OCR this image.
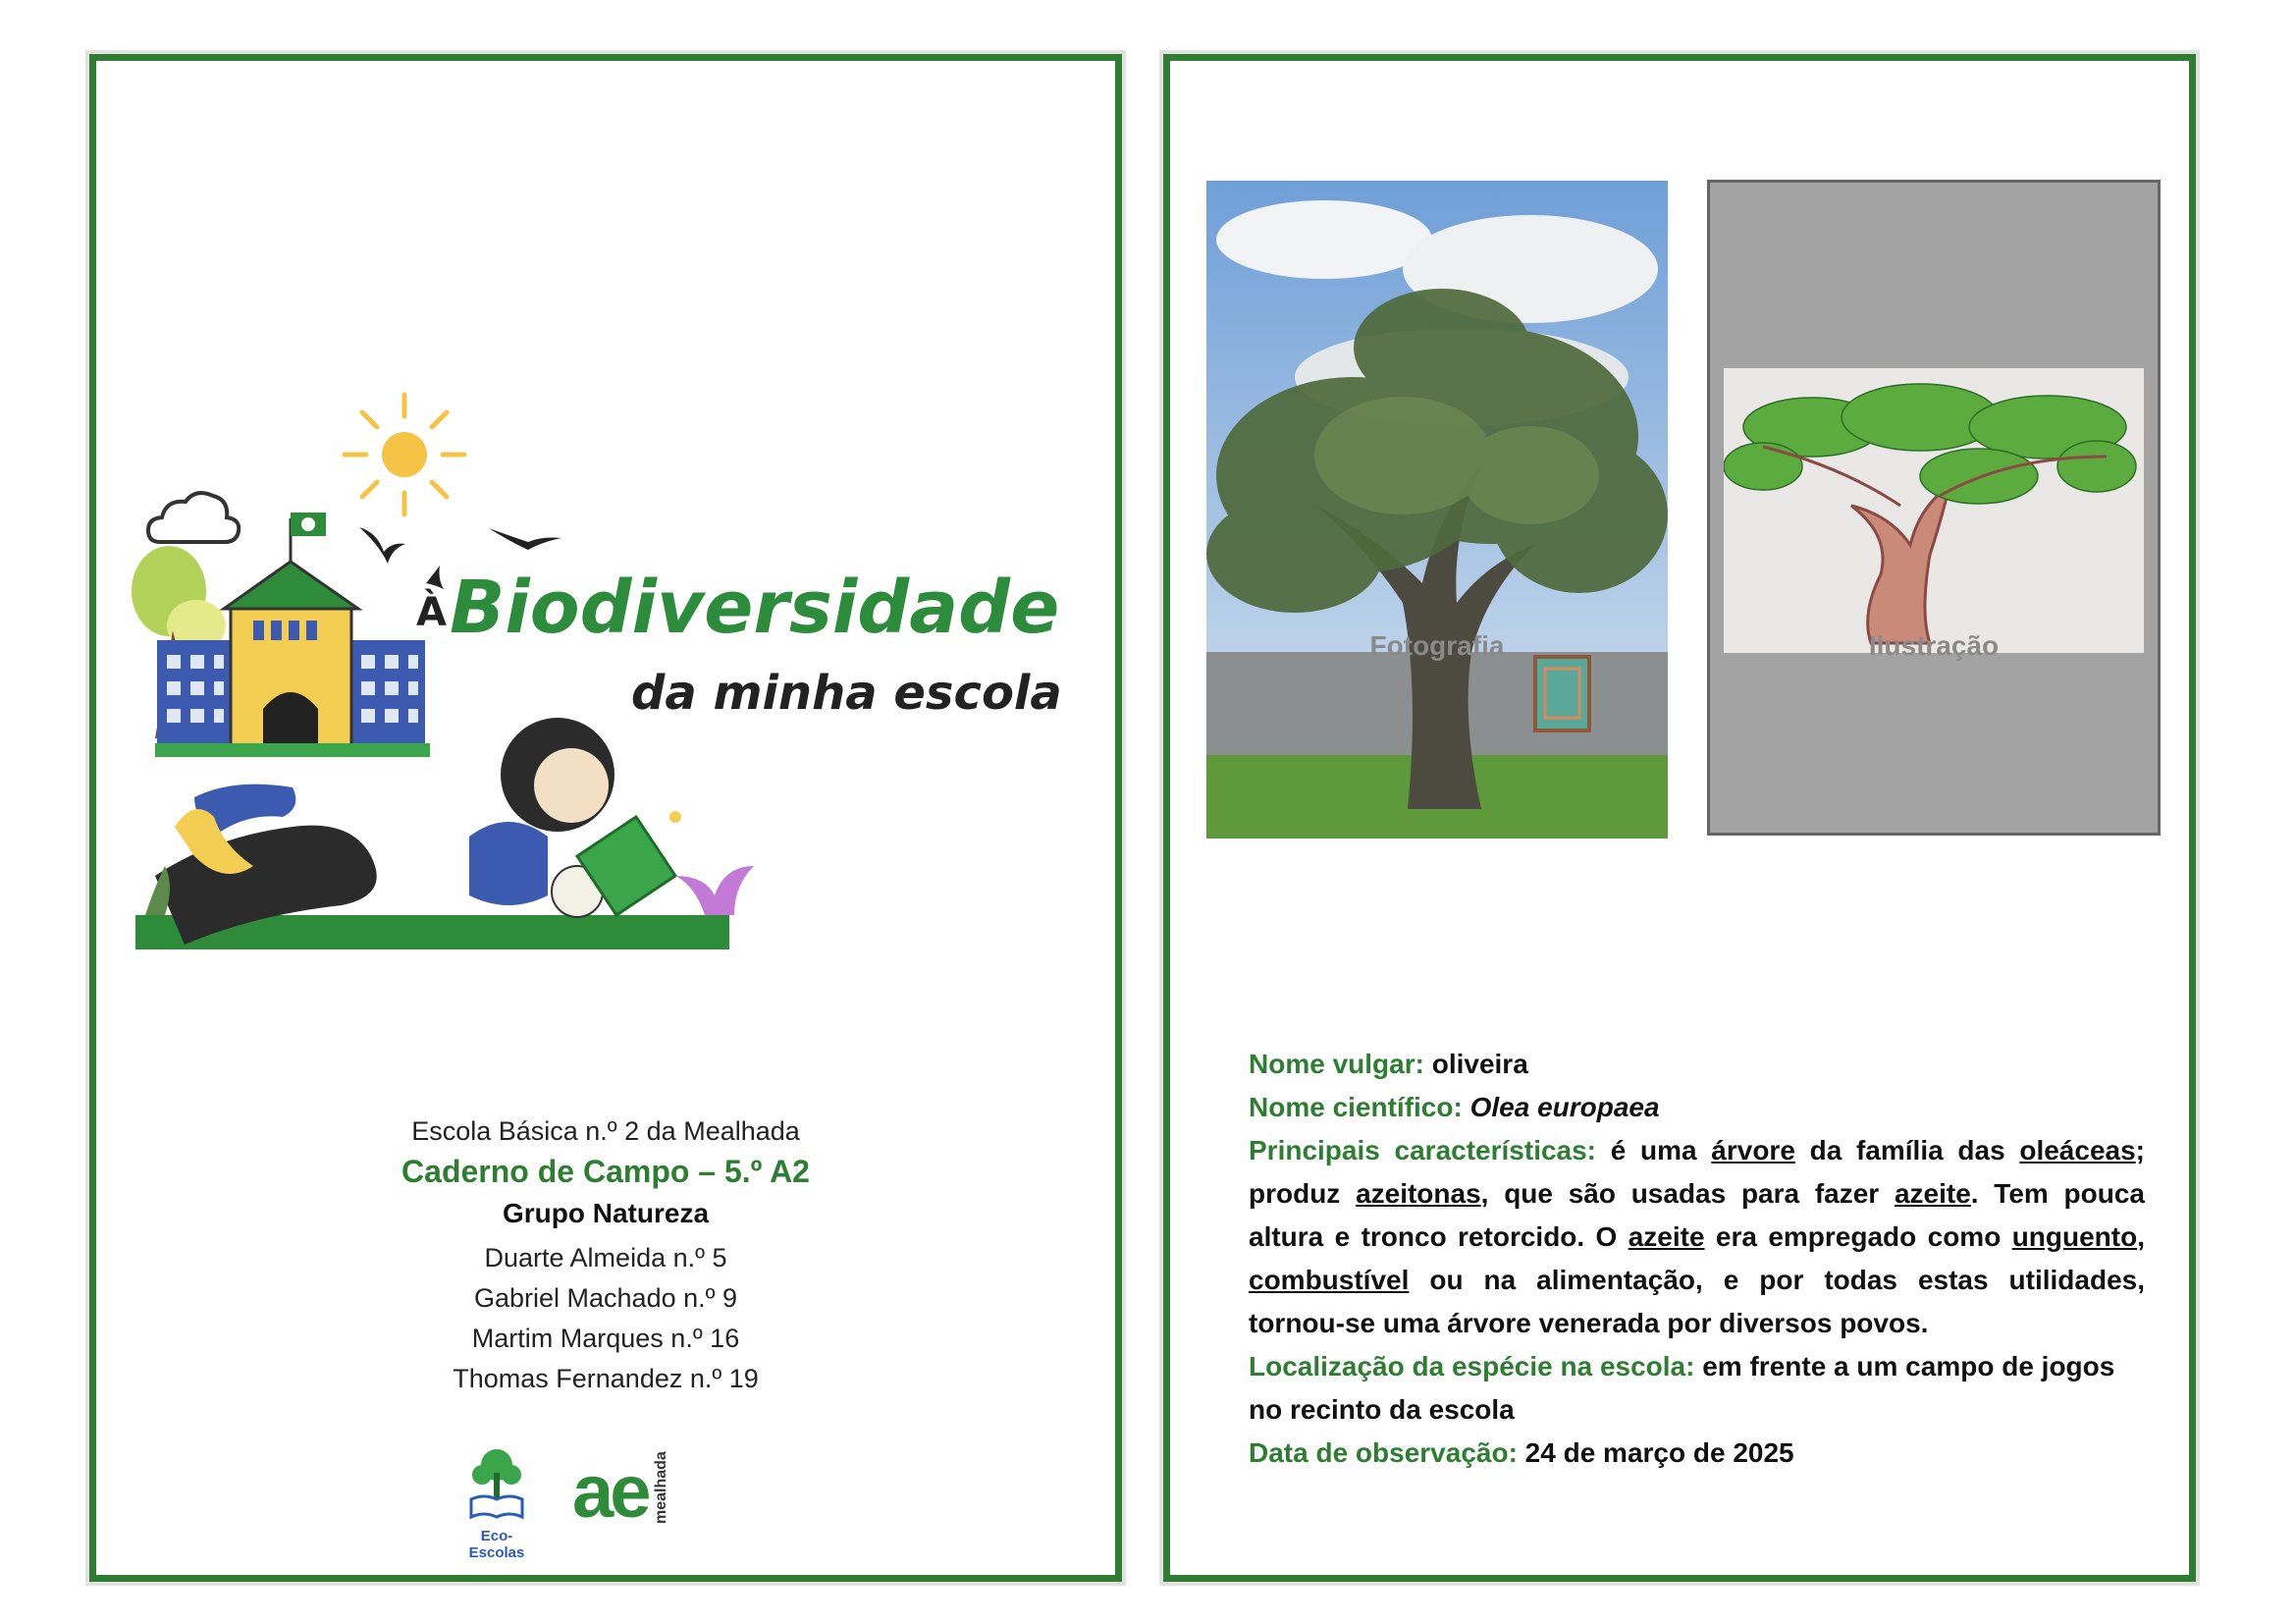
À Biodiversidade
da minha escola
Escola Básica n.º 2 da Mealhada
Caderno de Campo – 5.º A2
Grupo Natureza
Duarte Almeida n.º 5
Gabriel Machado n.º 9
Martim Marques n.º 16
Thomas Fernandez n.º 19
Eco-Escolas
ae mealhada
Fotografia	Ilustração

Nome vulgar: oliveira

Nome científico: Olea europaea

Principais características: é uma árvore da família das oleáceas; produz azeitonas, que são usadas para fazer azeite. Tem pouca altura e tronco retorcido. O azeite era empregado como unguento, combustível ou na alimentação, e por todas estas utilidades, tornou-se uma árvore venerada por diversos povos.

Localização da espécie na escola: em frente a um campo de jogos no recinto da escola

Data de observação: 24 de março de 2025
